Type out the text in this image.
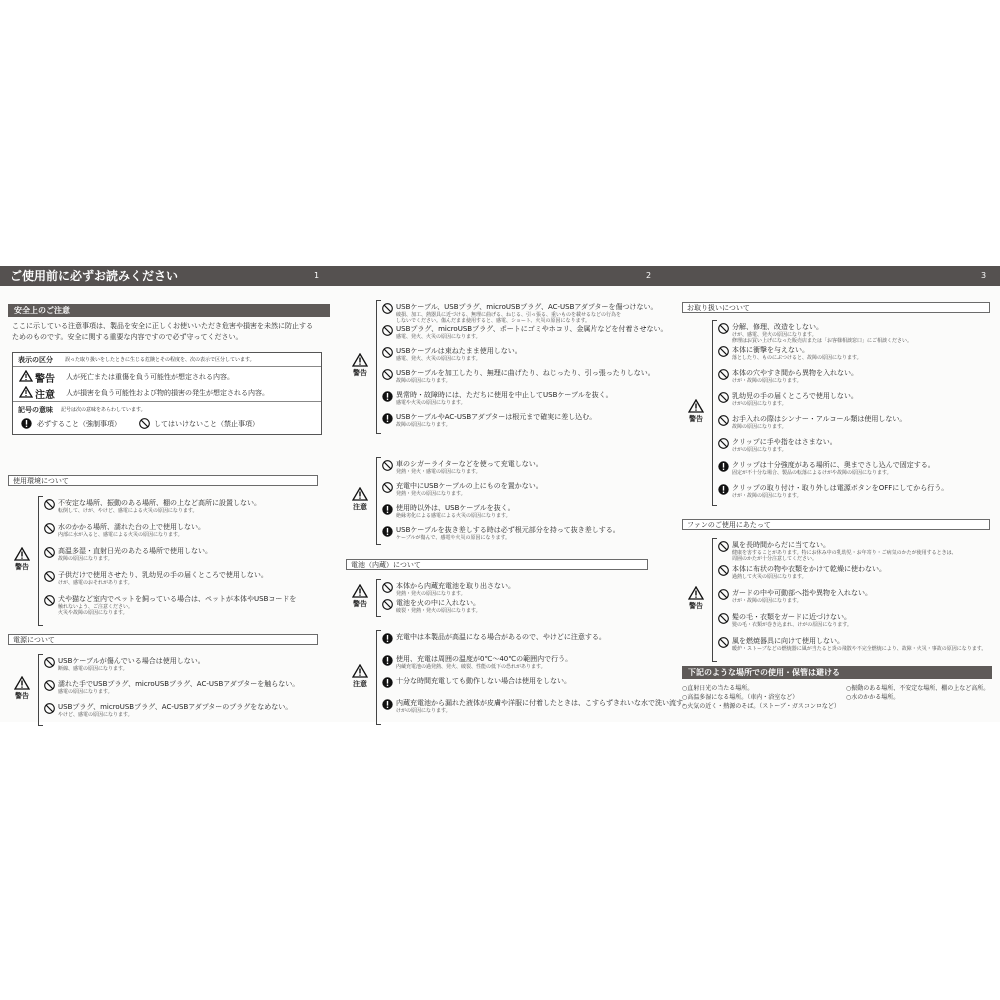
ご使用前に必ずお読みください	1	2	3
安全上のご注意
ここに示している注意事項は、製品を安全に正しくお使いいただき危害や損害を未然に防止する
ためのものです。安全に関する重要な内容ですので必ず守ってください。
表示の区分 誤った取り扱いをしたときに生じる危険とその程度を、次の表示で区分しています。
警告 人が死亡または重傷を負う可能性が想定される内容。
注意 人が損害を負う可能性および物的損害の発生が想定される内容。
記号の意味 記号は次の意味をあらわしています。
必ずすること（強制事項）	してはいけないこと（禁止事項）
使用環境について
警告
不安定な場所、振動のある場所、棚の上など高所に設置しない。
転倒して、けが、やけど、感電による火災の原因になります。
水のかかる場所、濡れた台の上で使用しない。
内部に水が入ると、感電による火災の原因になります。
高温多湿・直射日光のあたる場所で使用しない。
故障の原因になります。
子供だけで使用させたり、乳幼児の手の届くところで使用しない。
けが、感電のおそれがあります。
犬や猫など室内でペットを飼っている場合は、ペットが本体やUSBコードを
触れないよう、ご注意ください。
火災や故障の原因になります。
電源について
警告
USBケーブルが傷んでいる場合は使用しない。
断線、感電の原因になります。
濡れた手でUSBプラグ、microUSBプラグ、AC-USBアダプターを触らない。
感電の原因になります。
USBプラグ、microUSBプラグ、AC-USBアダプターのプラグをなめない。
やけど、感電の原因になります。
警告
USBケーブル、USBプラグ、microUSBプラグ、AC-USBアダプターを傷つけない。
破損、加工、熱器具に近づける、無理に曲げる、ねじる、引っ張る、重いものを載せるなどの行為を
しないでください。傷んだまま使用すると、感電、ショート、火災の原因になります。
USBプラグ、microUSBプラグ、ポートにゴミやホコリ、金属片などを付着させない。
感電、発火、火災の原因になります。
USBケーブルは束ねたまま使用しない。
感電、発火、火災の原因になります。
USBケーブルを加工したり、無理に曲げたり、ねじったり、引っ張ったりしない。
故障の原因になります。
異常時・故障時には、ただちに使用を中止してUSBケーブルを抜く。
感電や火災の原因になります。
USBケーブルやAC-USBアダプターは根元まで確実に差し込む。
故障の原因になります。
注意
車のシガーライターなどを使って充電しない。
発熱・発火・感電の原因になります。
充電中にUSBケーブルの上にものを置かない。
発熱・発火の原因になります。
使用時以外は、USBケーブルを抜く。
絶縁劣化による感電による火災の原因になります。
USBケーブルを抜き差しする時は必ず根元部分を持って抜き差しする。
ケーブルが傷んで、感電や火災の原因になります。
電池（内蔵）について
警告
本体から内蔵充電池を取り出さない。
発熱・発火の原因になります。
電池を火の中に入れない。
破裂・発熱・発火の原因になります。
注意
充電中は本製品が高温になる場合があるので、やけどに注意する。
使用、充電は周囲の温度が0℃〜40℃の範囲内で行う。
内蔵充電池の過発熱、発火、破裂、性能の低下の恐れがあります。
十分な時間充電しても動作しない場合は使用をしない。
内蔵充電池から漏れた液体が皮膚や洋服に付着したときは、こすらずきれいな水で洗い流す。
けがの原因になります。
お取り扱いについて
警告
分解、修理、改造をしない。
けが、感電、発火の原因になります。
修理はお買い上げになった販売店または「お客様相談窓口」にご相談ください。
本体に衝撃を与えない。
落としたり、ものにぶつけると、故障の原因になります。
本体の穴やすき間から異物を入れない。
けが・故障の原因になります。
乳幼児の手の届くところで使用しない。
けがの原因になります。
お手入れの際はシンナー・アルコール類は使用しない。
故障の原因になります。
クリップに手や指をはさまない。
けがの原因になります。
クリップは十分強度がある場所に、奥までさし込んで固定する。
固定が不十分な場合、製品の転落によるけがや故障の原因になります。
クリップの取り付け・取り外しは電源ボタンをOFFにしてから行う。
けが・故障の原因になります。
ファンのご使用にあたって
警告
風を長時間からだに当てない。
健康を害することがあります。特にお休み中の乳幼児・お年寄り・ご病気のかたが使用するときは、
周囲のかたが十分注意してください。
本体に布状の物や衣類をかけて乾燥に使わない。
過熱して火災の原因になります。
ガードの中や可動部へ指や異物を入れない。
けが・故障の原因になります。
髪の毛・衣類をガードに近づけない。
髪の毛・衣類が巻き込まれ、けがの原因になります。
風を燃焼器具に向けて使用しない。
暖炉・ストーブなどの燃焼器に風が当たると炎の飛散や不完全燃焼により、故障・火災・事故の原因になります。
下記のような場所での使用・保管は避ける
○直射日光の当たる場所。
○高温多湿になる場所。（車内・浴室など）
○火気の近く・熱源のそば。（ストーブ・ガスコンロなど）
○振動のある場所、不安定な場所、棚の上など高所。
○水のかかる場所。
